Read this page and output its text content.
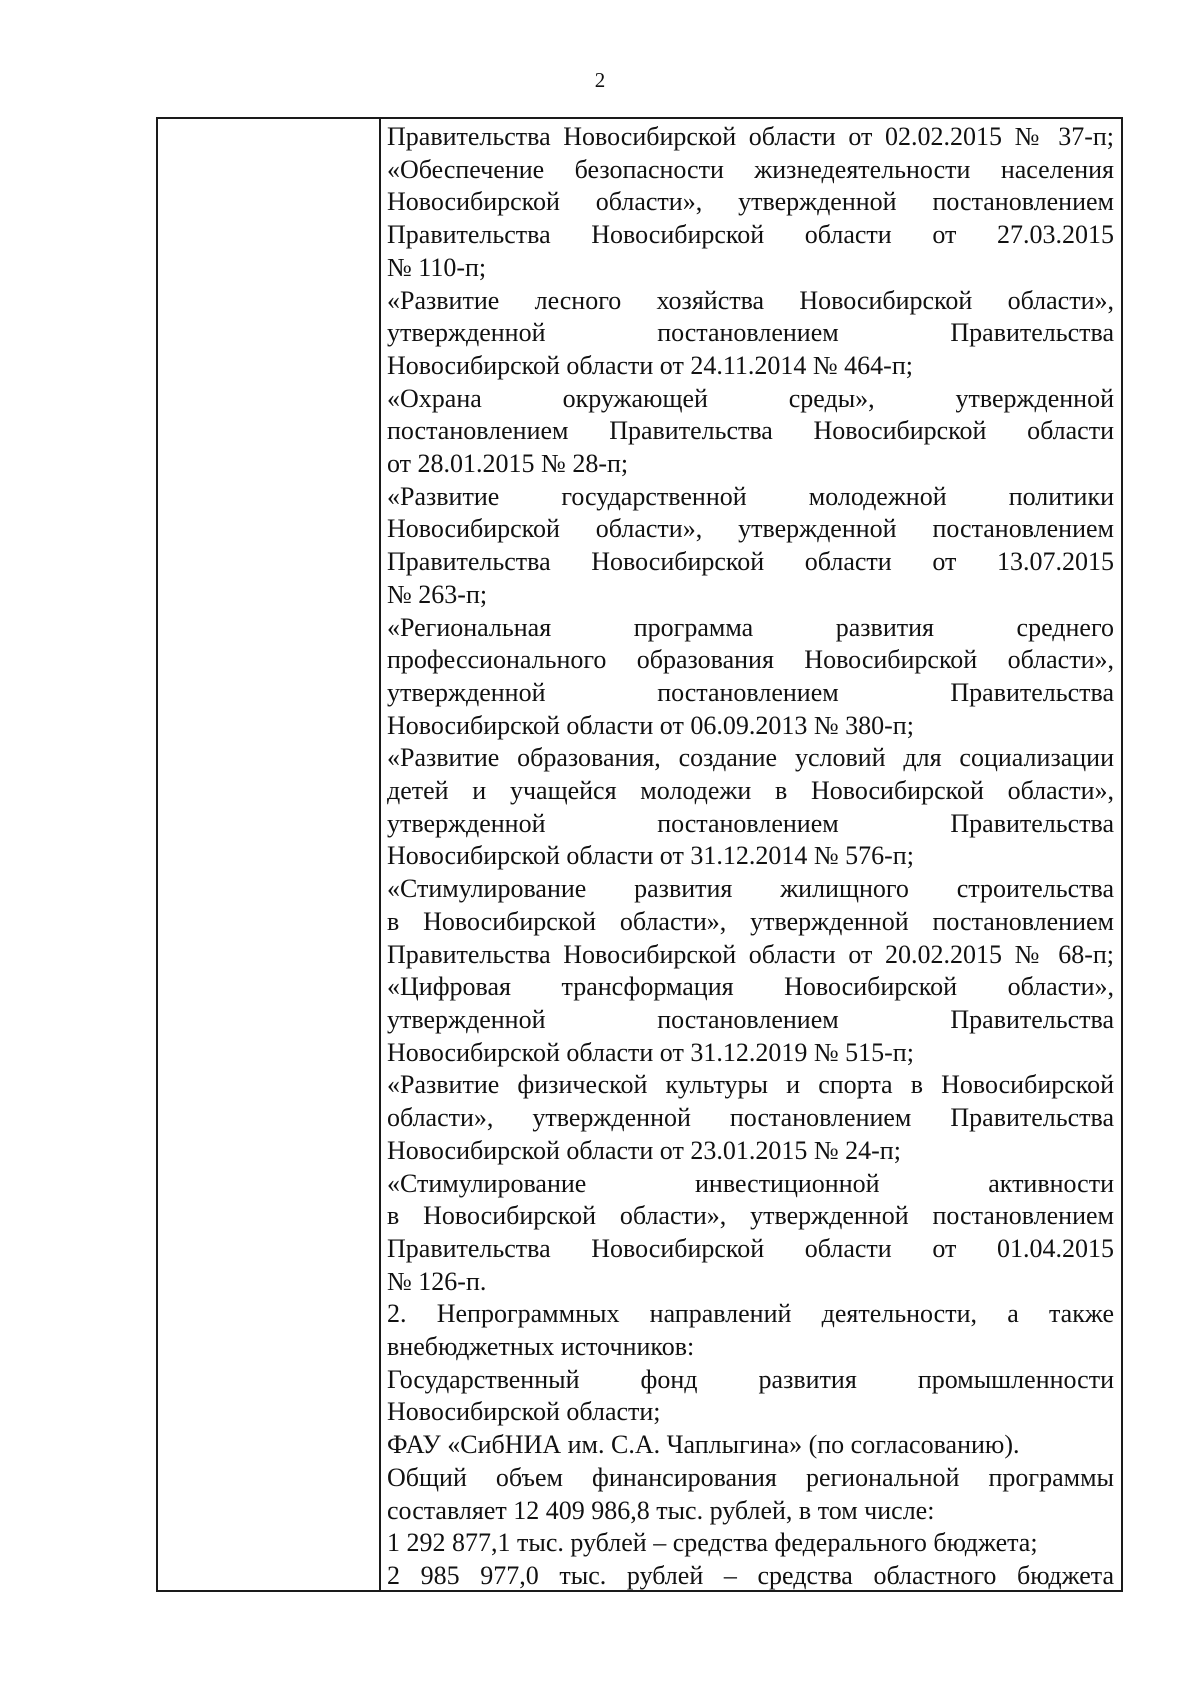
2
Правительства Новосибирской области от 02.02.2015 № 37-п;
«Обеспечение безопасности жизнедеятельности населения
Новосибирской области», утвержденной постановлением
Правительства Новосибирской области от 27.03.2015
№ 110-п;
«Развитие лесного хозяйства Новосибирской области»,
утвержденной постановлением Правительства
Новосибирской области от 24.11.2014 № 464-п;
«Охрана окружающей среды», утвержденной
постановлением Правительства Новосибирской области
от 28.01.2015 № 28-п;
«Развитие государственной молодежной политики
Новосибирской области», утвержденной постановлением
Правительства Новосибирской области от 13.07.2015
№ 263-п;
«Региональная программа развития среднего
профессионального образования Новосибирской области»,
утвержденной постановлением Правительства
Новосибирской области от 06.09.2013 № 380-п;
«Развитие образования, создание условий для социализации
детей и учащейся молодежи в Новосибирской области»,
утвержденной постановлением Правительства
Новосибирской области от 31.12.2014 № 576-п;
«Стимулирование развития жилищного строительства
в Новосибирской области», утвержденной постановлением
Правительства Новосибирской области от 20.02.2015 № 68-п;
«Цифровая трансформация Новосибирской области»,
утвержденной постановлением Правительства
Новосибирской области от 31.12.2019 № 515-п;
«Развитие физической культуры и спорта в Новосибирской
области», утвержденной постановлением Правительства
Новосибирской области от 23.01.2015 № 24-п;
«Стимулирование инвестиционной активности
в Новосибирской области», утвержденной постановлением
Правительства Новосибирской области от 01.04.2015
№ 126-п.
2. Непрограммных направлений деятельности, а также
внебюджетных источников:
Государственный фонд развития промышленности
Новосибирской области;
ФАУ «СибНИА им. С.А. Чаплыгина» (по согласованию).
Общий объем финансирования региональной программы
составляет 12 409 986,8 тыс. рублей, в том числе:
1 292 877,1 тыс. рублей – средства федерального бюджета;
2 985 977,0 тыс. рублей – средства областного бюджета
